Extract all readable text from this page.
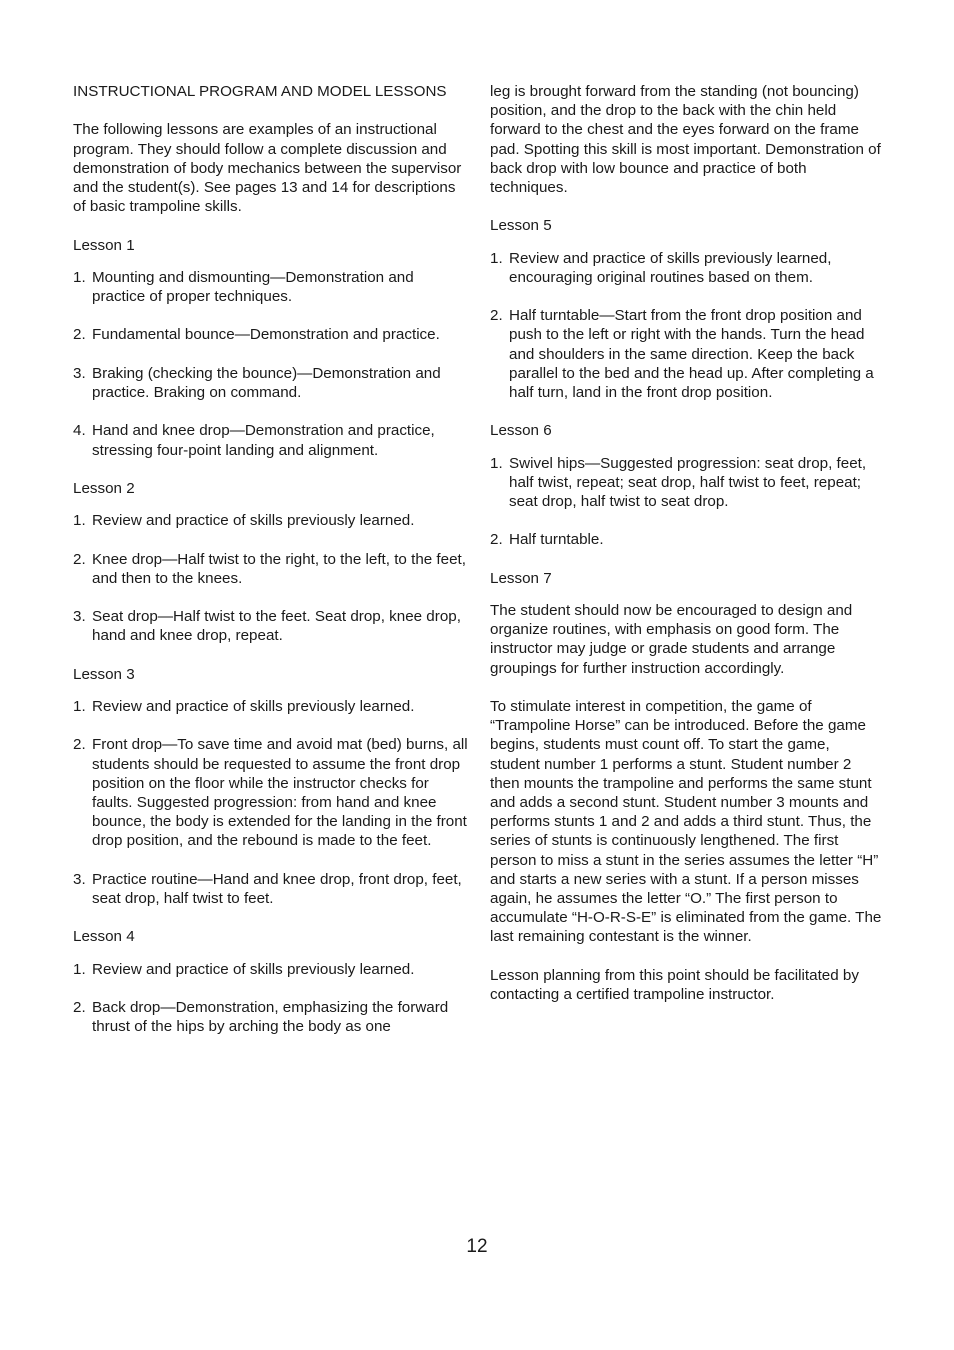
INSTRUCTIONAL PROGRAM AND MODEL LESSONS

The following lessons are examples of an instructional program. They should follow a complete discussion and demonstration of body mechanics between the supervisor and the student(s). See pages 13 and 14 for descriptions of basic trampoline skills.

Lesson 1

1. Mounting and dismounting—Demonstration and practice of proper techniques.
2. Fundamental bounce—Demonstration and practice.
3. Braking (checking the bounce)—Demonstration and practice. Braking on command.
4. Hand and knee drop—Demonstration and practice, stressing four-point landing and alignment.

Lesson 2

1. Review and practice of skills previously learned.
2. Knee drop—Half twist to the right, to the left, to the feet, and then to the knees.
3. Seat drop—Half twist to the feet. Seat drop, knee drop, hand and knee drop, repeat.

Lesson 3

1. Review and practice of skills previously learned.
2. Front drop—To save time and avoid mat (bed) burns, all students should be requested to assume the front drop position on the floor while the instructor checks for faults. Suggested progression: from hand and knee bounce, the body is extended for the landing in the front drop position, and the rebound is made to the feet.
3. Practice routine—Hand and knee drop, front drop, feet, seat drop, half twist to feet.

Lesson 4

1. Review and practice of skills previously learned.
2. Back drop—Demonstration, emphasizing the forward thrust of the hips by arching the body as one

leg is brought forward from the standing (not bouncing) position, and the drop to the back with the chin held forward to the chest and the eyes forward on the frame pad. Spotting this skill is most important. Demonstration of back drop with low bounce and practice of both techniques.

Lesson 5

1. Review and practice of skills previously learned, encouraging original routines based on them.
2. Half turntable—Start from the front drop position and push to the left or right with the hands. Turn the head and shoulders in the same direction. Keep the back parallel to the bed and the head up. After completing a half turn, land in the front drop position.

Lesson 6

1. Swivel hips—Suggested progression: seat drop, feet, half twist, repeat; seat drop, half twist to feet, repeat; seat drop, half twist to seat drop.
2. Half turntable.

Lesson 7

The student should now be encouraged to design and organize routines, with emphasis on good form. The instructor may judge or grade students and arrange groupings for further instruction accordingly.

To stimulate interest in competition, the game of “Trampoline Horse” can be introduced. Before the game begins, students must count off. To start the game, student number 1 performs a stunt. Student number 2 then mounts the trampoline and performs the same stunt and adds a second stunt. Student number 3 mounts and performs stunts 1 and 2 and adds a third stunt. Thus, the series of stunts is continuously lengthened. The first person to miss a stunt in the series assumes the letter “H” and starts a new series with a stunt. If a person misses again, he assumes the letter “O.” The first person to accumulate “H-O-R-S-E” is eliminated from the game. The last remaining contestant is the winner.

Lesson planning from this point should be facilitated by contacting a certified trampoline instructor.

12
